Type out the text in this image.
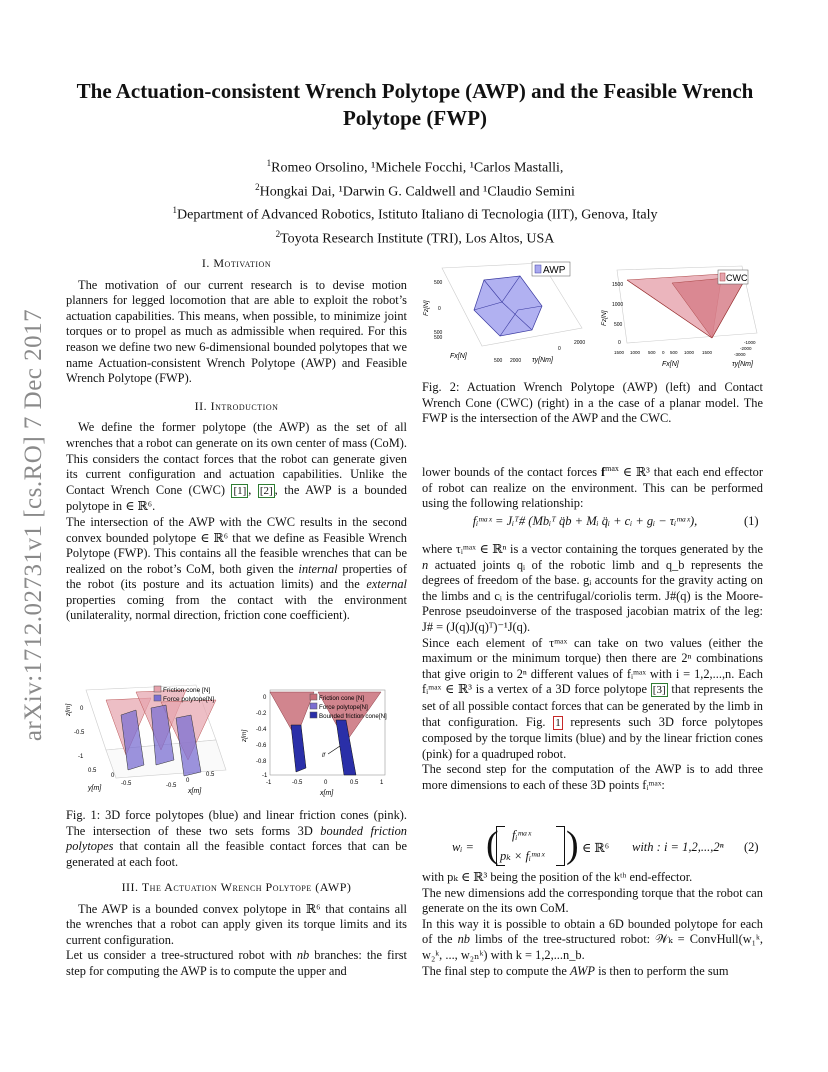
arXiv:1712.02731v1 [cs.RO] 7 Dec 2017
The Actuation-consistent Wrench Polytope (AWP) and the Feasible Wrench Polytope (FWP)
$^1$Romeo Orsolino, ¹Michele Focchi, ¹Carlos Mastalli,
$^2$Hongkai Dai, ¹Darwin G. Caldwell and ¹Claudio Semini
$^1$Department of Advanced Robotics, Istituto Italiano di Tecnologia (IIT), Genova, Italy
$^2$Toyota Research Institute (TRI), Los Altos, USA

I. Motivation

The motivation of our current research is to devise motion planners for legged locomotion that are able to exploit the robot’s actuation capabilities. This means, when possible, to minimize joint torques or to propel as much as admissible when required. For this reason we define two new 6-dimensional bounded polytopes that we name Actuation-consistent Wrench Polytope (AWP) and Feasible Wrench Polytope (FWP).

II. Introduction

We define the former polytope (the AWP) as the set of all wrenches that a robot can generate on its own center of mass (CoM). This considers the contact forces that the robot can generate given its current configuration and actuation capabilities. Unlike the Contact Wrench Cone (CWC) [1] , [2] , the AWP is a bounded polytope in ∈ ℝ⁶.

The intersection of the AWP with the CWC results in the second convex bounded polytope ∈ ℝ⁶ that we define as Feasible Wrench Polytope (FWP). This contains all the feasible wrenches that can be realized on the robot’s CoM, both given the internal properties of the robot (its posture and its actuation limits) and the external properties coming from the contact with the environment (unilaterality, normal direction, friction cone coefficient).

Friction cone [N]
Force polytope[N]
0
-0.5
-1
z[m]
0.5
0
-0.5	-0.5
0
0.5
y[m]	x[m]
lf
Friction cone [N]
Force polytope[N]
Bounded friction cone[N]
0
-0.2
-0.4
-0.6
-0.8
-1
z[m]
-1	-0.5	0	0.5	1
x[m]
Fig. 1: 3D force polytopes (blue) and linear friction cones (pink). The intersection of these two sets forms 3D bounded friction polytopes that contain all the feasible contact forces that can be generated at each foot.

III. The Actuation Wrench Polytope (AWP)

The AWP is a bounded convex polytope in ℝ⁶ that contains all the wrenches that a robot can apply given its torque limits and its current configuration.

Let us consider a tree-structured robot with nb branches: the first step for computing the AWP is to compute the upper and

AWP
500
0
500
500
Fz[N]
500 2000
0
2000
Fx[N]
τy[Nm]
CWC
1500
1000
500
0
Fz[N]
1500 1000 500 0 500 1000 1500
-1000
-2000
-3000
Fx[N]	τy[Nm]
Fig. 2: Actuation Wrench Polytope (AWP) (left) and Contact Wrench Cone (CWC) (right) in a the case of a planar model. The FWP is the intersection of the AWP and the CWC.

lower bounds of the contact forces $f^{max}$ ∈ ℝ³ that each end effector of robot can realize on the environment. This can be performed using the following relationship:

fᵢᵐᵃˣ = Jᵢᵀ# (Mbᵢᵀ q̈b + Mᵢ q̈ᵢ + cᵢ + gᵢ − τᵢᵐᵃˣ),	(1)

where τᵢᵐᵃˣ ∈ ℝⁿ is a vector containing the torques generated by the n actuated joints qᵢ of the robotic limb and q_b represents the degrees of freedom of the base. gᵢ accounts for the gravity acting on the limbs and cᵢ is the centrifugal/coriolis term. J#(q) is the Moore-Penrose pseudoinverse of the trasposed jacobian matrix of the leg: J# = (J(q)J(q)ᵀ)⁻¹J(q).

Since each element of τᵐᵃˣ can take on two values (either the maximum or the minimum torque) then there are 2ⁿ combinations that give origin to 2ⁿ different values of fᵢᵐᵃˣ with i = 1,2,...,n. Each fᵢᵐᵃˣ ∈ ℝ³ is a vertex of a 3D force polytope [3] that represents the set of all possible contact forces that can be generated by the limb in that configuration. Fig. 1 represents such 3D force polytopes composed by the torque limits (blue) and by the linear friction cones (pink) for a quadruped robot.

The second step for the computation of the AWP is to add three more dimensions to each of these 3D points fᵢᵐᵃˣ:

wᵢ = ( fᵢᵐᵃˣ
pₖ × fᵢᵐᵃˣ ) ∈ ℝ⁶ with : i = 1,2,...,2ⁿ (2)

with pₖ ∈ ℝ³ being the position of the kᵗʰ end-effector.

The new dimensions add the corresponding torque that the robot can generate on the its own CoM.

In this way it is possible to obtain a 6D bounded polytope for each of the nb limbs of the tree-structured robot: 𝒲ₖ = ConvHull(w₁ᵏ, w₂ᵏ, ..., w₂ₙᵏ) with k = 1,2,...n_b.

The final step to compute the AWP is then to perform the sum
